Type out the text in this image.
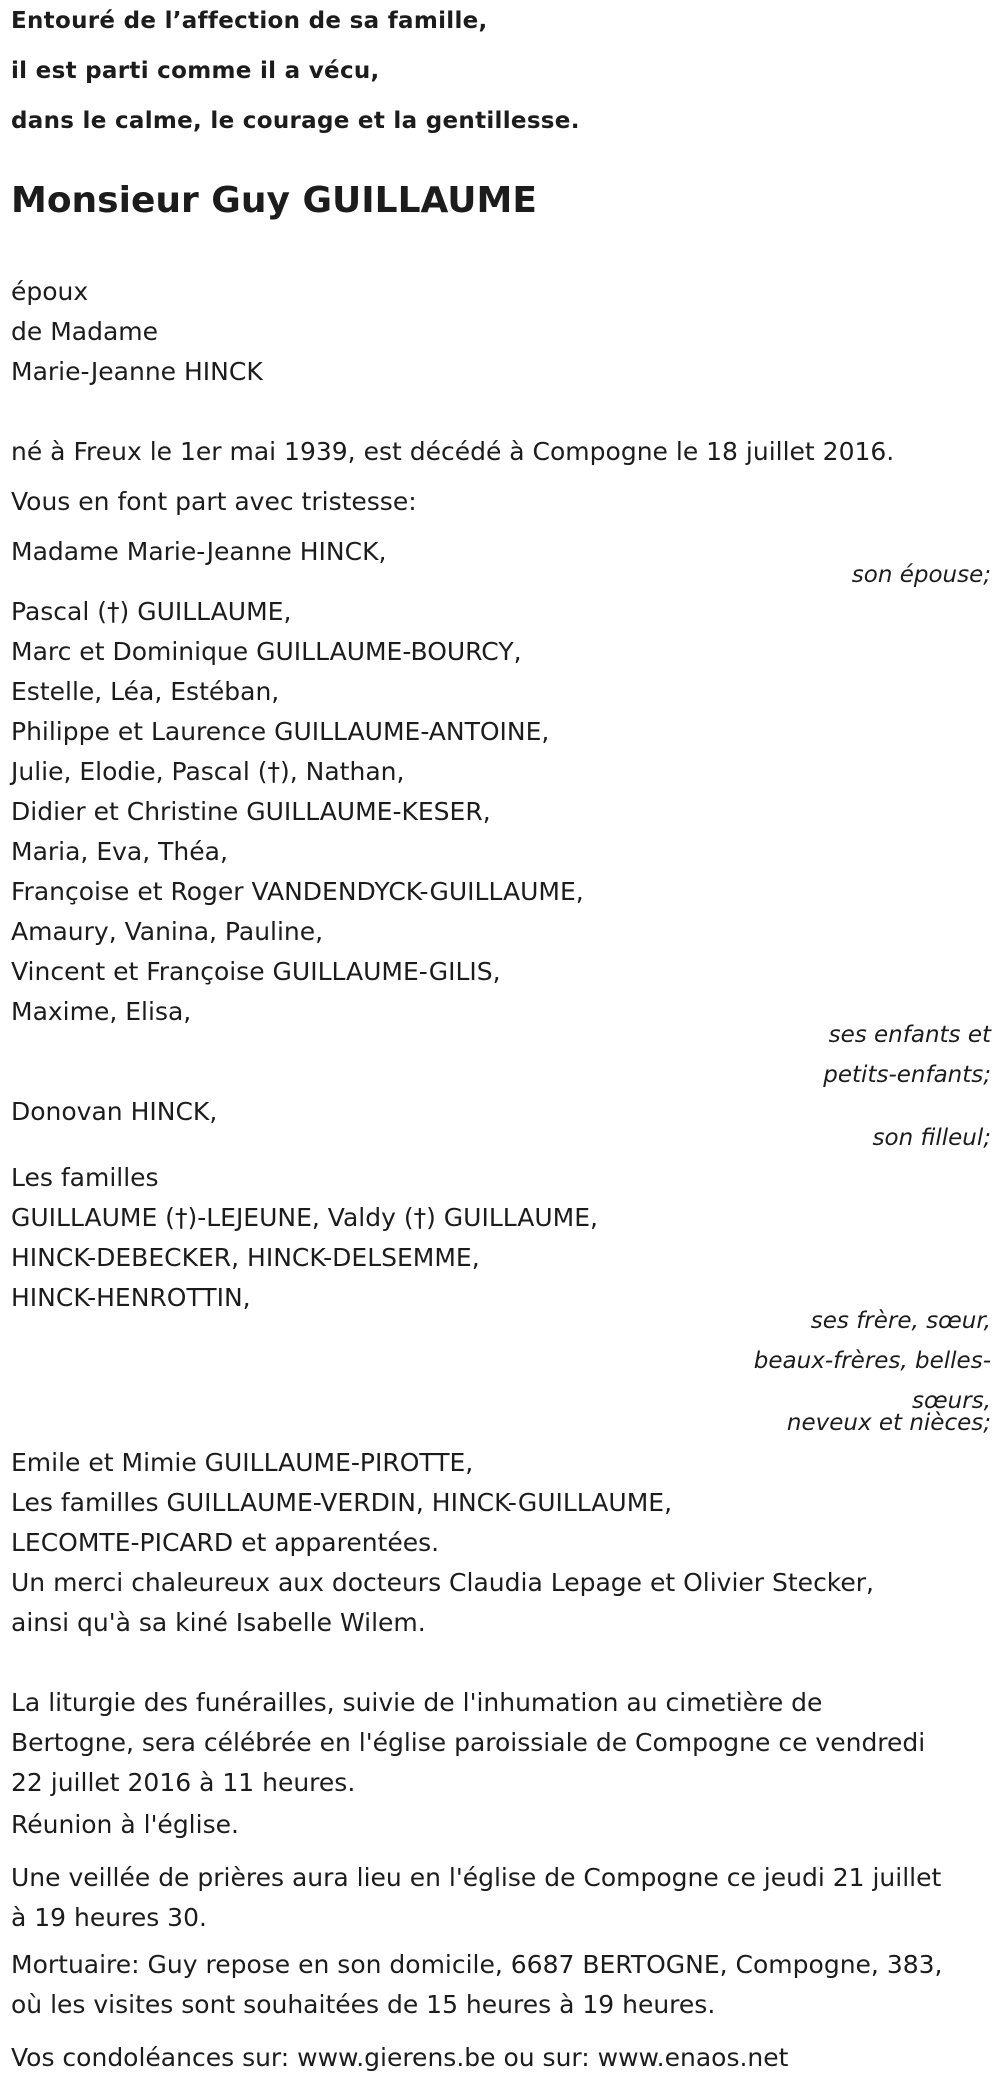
Entouré de l’affection de sa famille,
il est parti comme il a vécu,
dans le calme, le courage et la gentillesse.
Monsieur Guy GUILLAUME
époux
de Madame
Marie-Jeanne HINCK
né à Freux le 1er mai 1939, est décédé à Compogne le 18 juillet 2016.
Vous en font part avec tristesse:
Madame Marie-Jeanne HINCK,
son épouse;
Pascal (†) GUILLAUME,
Marc et Dominique GUILLAUME-BOURCY,
Estelle, Léa, Estéban,
Philippe et Laurence GUILLAUME-ANTOINE,
Julie, Elodie, Pascal (†), Nathan,
Didier et Christine GUILLAUME-KESER,
Maria, Eva, Théa,
Françoise et Roger VANDENDYCK-GUILLAUME,
Amaury, Vanina, Pauline,
Vincent et Françoise GUILLAUME-GILIS,
Maxime, Elisa,
ses enfants et
petits-enfants;
Donovan HINCK,
son filleul;
Les familles
GUILLAUME (†)-LEJEUNE, Valdy (†) GUILLAUME,
HINCK-DEBECKER, HINCK-DELSEMME,
HINCK-HENROTTIN,
ses frère, sœur,
beaux-frères, belles-
sœurs,
neveux et nièces;
Emile et Mimie GUILLAUME-PIROTTE,
Les familles GUILLAUME-VERDIN, HINCK-GUILLAUME,
LECOMTE-PICARD et apparentées.
Un merci chaleureux aux docteurs Claudia Lepage et Olivier Stecker,
ainsi qu'à sa kiné Isabelle Wilem.
La liturgie des funérailles, suivie de l'inhumation au cimetière de
Bertogne, sera célébrée en l'église paroissiale de Compogne ce vendredi
22 juillet 2016 à 11 heures.
Réunion à l'église.
Une veillée de prières aura lieu en l'église de Compogne ce jeudi 21 juillet
à 19 heures 30.
Mortuaire: Guy repose en son domicile, 6687 BERTOGNE, Compogne, 383,
où les visites sont souhaitées de 15 heures à 19 heures.
Vos condoléances sur: www.gierens.be ou sur: www.enaos.net
